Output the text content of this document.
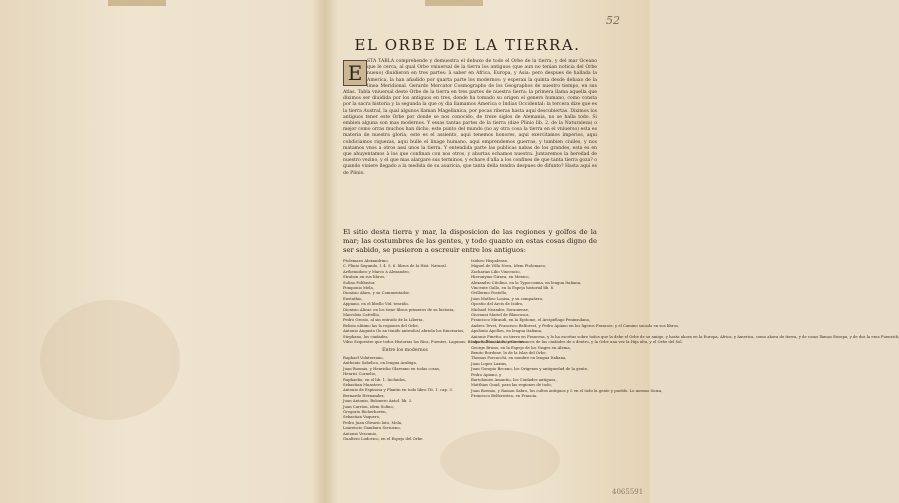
52
EL ORBE DE LA TIERRA.
E	STA TABLA comprehende y demuestra el debuxo de todo el Orbe de la tierra, y del mar Oceano que le cerca, al qual Orbe vniuersal de la tierra los antiguos (que aun no tenian noticia del Orbe nueuo) diuidieron en tres partes: à saber en Africa, Europa, y Asia: pero despues de hallada la America, la han añadido por quarta parte los modernos: y esperan la quinta desde debaxo de la linea Meridional. Gerardo Mercator Cosmographo de los Geographos de nuestro tiempo, en sus Atlas. Tabla vniuersal deste Orbe de la tierra en tres partes de nuestra tierra: la primera llama aquella que diximos ser diuidida por los antiguos en tres, donde ha tomado su origen el genero humano, como consta por la sacra historia y la segunda la que oy dia llamamos America o Indias Occidental: la tercera dize que es la tierra Austral, la qual algunos llaman Magellanica, por pocas riberas hasta aquí descubiertas. Diximos los antiguos tener este Orbe por donde se nos conocido, de treze siglos de Alemania, no se halla todo. Si embien alguna son mas modernos. Y essas tantas partes de la tierra (dize Plinio lib. 2. de la Naturaleza) o mejor como orras muchos han dicho, este punto del mundo (no ay otra cosa la tierra en el vniuerso) esta es materia de nuestra gloria, este es el assiento, aqui tenemos honores, aqui exercitamos imperios, aqui cobdiciamos riquezas, aqui bulle el linage humano, aqui emprendemos guerras, y tambien ciuiles, y nos matamos vnos a otros assi unos la tierra. Y entendida parte las publicas nabas de los grandes, esta es en que ahuyentamos à los que confinan con nos otros, y ahurtas echamos nuestra. Juntaremos la heredad de nuestro vezino, y el que mas alargare sus terminos, y echare d'alla a los confines de que tanta tierra goza? o quando viuiere llegado a la medida de su auaricia, que tanta della tendra despues de difunto? Hasta aqui es de Plinio.
El sitio desta tierra y mar, la disposicion de las regiones y golfos de la mar; las costumbres de las gentes, y todo quanto en estas cosas digno de ser sabido, se pusieron a escreuir entre los antiguos:
Ptolemaeo Alexandrino.
C. Plinio Segundo, l. 4. 5. 6. libros de la Hist. Natural.
Arthemidoro y Marco à Alexandro,
Strabon en sus libros,
Solino Polihistor,
Pomponio Mela,
Dionisio Afaro, y su Commentador,
Eustathio,
Appiano, en el libello Vid. tencido.
Dionisio Alicar. en los tiene libros primeros de su historia,
Macrobio Cattellio,
Pedro Orosio, al sin entrado de la Liberia,
Belisio ulitimo las la regiones del Orbe,
Antonio Augusto (lo an tenido antesdos) abriola los Itinerarios,
Stephano, los ciudades,
Vibio Sequestre que todos Historias los Rios, Fuentes, Lagunas, Bosques, Montañas, y Gentes.
Entre los modernos
Raphael Volaterrano,
Anthonio Sabelico, en lengua Arabiga,
Juan Boemio, y Henricko Glareano en todas cosas,
Henrici Cornelio,
Raphaelio, en el lib. 1. Incluidos,
Sebastian Munstero,
Antonio de Espinosa y Plantin en todo libro Tit. 1. cap. 3.
Bernardo Hernandez,
Juan Antonio, Bolonero Antol. lib. 2.
Juan Carrion, idem Solino,
Gregorio Richerhoven,
Sebastian Vaquero,
Pedro Juan Olivario lato, Mela,
Laurencio Gambara Scriueno,
Antonio Vescanio,
Gualtero Ludovico, en el Espejo del Orbe.
Isidoro Hispalense,
Miguel de Villa Nova, Idem Ptolemaeo,
Zacharias Lilio Vincencio,
Hieronymo Girava, en Mexico,
Alexandro Citolino, en la Typocosmia, en lengua Italiana,
Vincente Gallo, en la Espejo historial lib. 8.
Gvillermo Postello,
Juan Matheo Loaisa, y su compañero,
Opostio del Arcis de Isidro,
Michael Neander, Sorauiense,
Giovanni Mariel de Blancosca,
Francisco Mirandi, en la Epitome, el Arcipiélago Peninsulano,
Andres Tevet, Francisco Belforest, y Pedro Apiano en los ligeros Francois, y el Camino sacado en sus libros,
Apolonio Apollon, en lengua Italiana,
Antonio Pinetto, su tierra en Francesa, y lo ha escritas sobre todos que la debe el Orbe de su amigo, y hasta ahora en la Europa, Africa, y America, como ahora de tierra, y de como llamas Europa, y de dos la eras Fuenrich,
Iulio Ballino, la Estatua entonces de las ciudades de a dentro, y la Orbe una vez la Hija alta, y el Orbe del Sol.
George Bruno, en la Espejo de los Viages en Alema,
Benito Bordone, la de la Islas del Orbe,
Thomas Porcacchi, en nombre en lengua Italiana,
Juan Lopez Laxius,
Juan Goropio Becano, los Orígenes y antiguedad de la gente,
Pedro Apiano, y
Bartolomeo Amantio, los Ciudades antiguos,
Matthias Quad, para las regiones de todo,
Juan Boemio, y Ramon Sabro, los cultos antiguos y 5 en el todo la gente y pueblo. Lo mesmo Suiza,
Francisco Belforesteo, en Francia.
4065591
